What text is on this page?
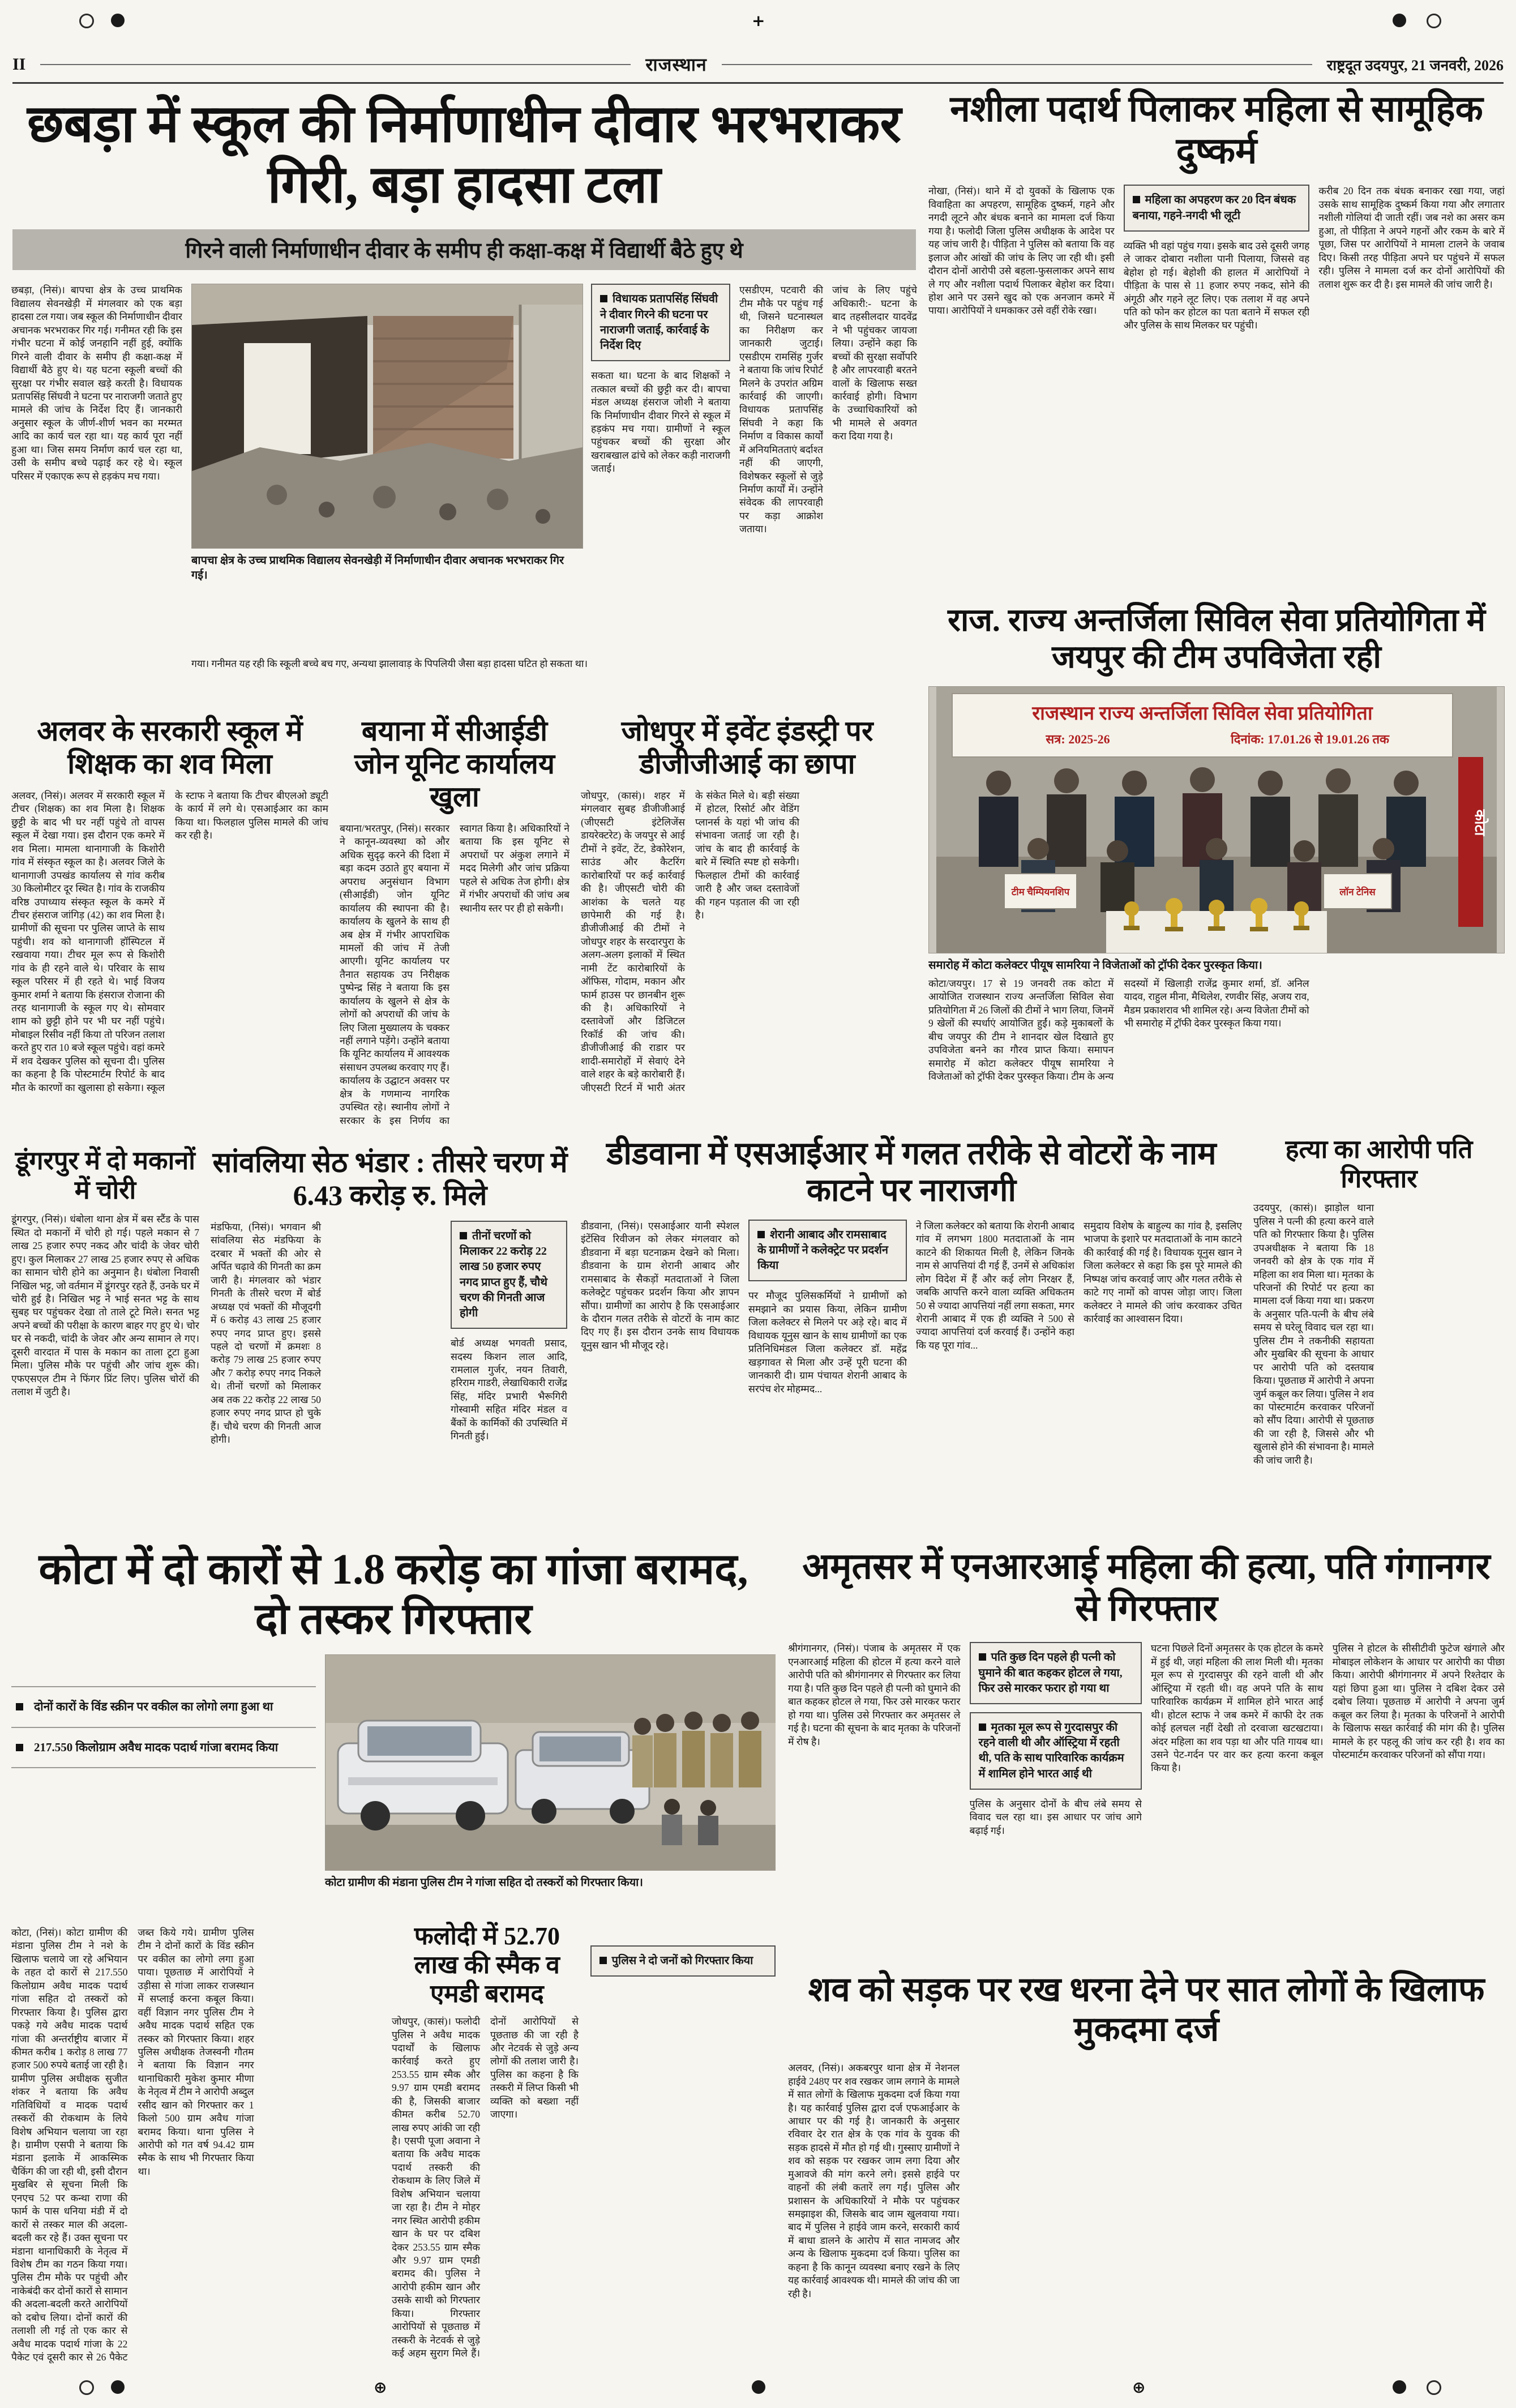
+
II	राजस्थान	राष्ट्रदूत उदयपुर, 21 जनवरी, 2026
छबड़ा में स्कूल की निर्माणाधीन दीवार भरभराकर गिरी, बड़ा हादसा टला
गिरने वाली निर्माणाधीन दीवार के समीप ही कक्षा-कक्ष में विद्यार्थी बैठे हुए थे
छबड़ा, (निसं)। बापचा क्षेत्र के उच्च प्राथमिक विद्यालय सेवनखेड़ी में मंगलवार को एक बड़ा हादसा टल गया। जब स्कूल की निर्माणाधीन दीवार अचानक भरभराकर गिर गई। गनीमत रही कि इस गंभीर घटना में कोई जनहानि नहीं हुई, क्योंकि गिरने वाली दीवार के समीप ही कक्षा-कक्ष में विद्यार्थी बैठे हुए थे। यह घटना स्कूली बच्चों की सुरक्षा पर गंभीर सवाल खड़े करती है। विधायक प्रतापसिंह सिंघवी ने घटना पर नाराजगी जताते हुए मामले की जांच के निर्देश दिए हैं। जानकारी अनुसार स्कूल के जीर्ण-शीर्ण भवन का मरम्मत आदि का कार्य चल रहा था। यह कार्य पूरा नहीं हुआ था। जिस समय निर्माण कार्य चल रहा था, उसी के समीप बच्चे पढ़ाई कर रहे थे। स्कूल परिसर में एकाएक रूप से हड़कंप मच गया।
बापचा क्षेत्र के उच्च प्राथमिक विद्यालय सेवनखेड़ी में निर्माणाधीन दीवार अचानक भरभराकर गिर गई।
विधायक प्रतापसिंह सिंघवी ने दीवार गिरने की घटना पर नाराजगी जताई, कार्रवाई के निर्देश दिए
सकता था। घटना के बाद शिक्षकों ने तत्काल बच्चों की छुट्टी कर दी। बापचा मंडल अध्यक्ष हंसराज जोशी ने बताया कि निर्माणाधीन दीवार गिरने से स्कूल में हड़कंप मच गया। ग्रामीणों ने स्कूल पहुंचकर बच्चों की सुरक्षा और खराबखाल ढांचे को लेकर कड़ी नाराजगी जताई।
एसडीएम, पटवारी की टीम मौके पर पहुंच गई थी, जिसने घटनास्थल का निरीक्षण कर जानकारी जुटाई। एसडीएम रामसिंह गुर्जर ने बताया कि जांच रिपोर्ट मिलने के उपरांत अग्रिम कार्रवाई की जाएगी। विधायक प्रतापसिंह सिंघवी ने कहा कि निर्माण व विकास कार्यों में अनियमितताएं बर्दाश्त नहीं की जाएगी, विशेषकर स्कूलों से जुड़े निर्माण कार्यों में। उन्होंने संवेदक की लापरवाही पर कड़ा आक्रोश जताया।
जांच के लिए पहुंचे अधिकारी:- घटना के बाद तहसीलदार यादवेंद्र ने भी पहुंचकर जायजा लिया। उन्होंने कहा कि बच्चों की सुरक्षा सर्वोपरि है और लापरवाही बरतने वालों के खिलाफ सख्त कार्रवाई होगी। विभाग के उच्चाधिकारियों को भी मामले से अवगत करा दिया गया है।
गया। गनीमत यह रही कि स्कूली बच्चे बच गए, अन्यथा झालावाड़ के पिपलियी जैसा बड़ा हादसा घटित हो सकता था।
नशीला पदार्थ पिलाकर महिला से सामूहिक दुष्कर्म
नोखा, (निसं)। थाने में दो युवकों के खिलाफ एक विवाहिता का अपहरण, सामूहिक दुष्कर्म, गहने और नगदी लूटने और बंधक बनाने का मामला दर्ज किया गया है। फलोदी जिला पुलिस अधीक्षक के आदेश पर यह जांच जारी है। पीड़िता ने पुलिस को बताया कि वह इलाज और आंखों की जांच के लिए जा रही थी। इसी दौरान दोनों आरोपी उसे बहला-फुसलाकर अपने साथ ले गए और नशीला पदार्थ पिलाकर बेहोश कर दिया। होश आने पर उसने खुद को एक अनजान कमरे में पाया। आरोपियों ने धमकाकर उसे वहीं रोके रखा।
महिला का अपहरण कर 20 दिन बंधक बनाया, गहने-नगदी भी लूटी
व्यक्ति भी वहां पहुंच गया। इसके बाद उसे दूसरी जगह ले जाकर दोबारा नशीला पानी पिलाया, जिससे वह बेहोश हो गई। बेहोशी की हालत में आरोपियों ने पीड़िता के पास से 11 हजार रुपए नकद, सोने की अंगूठी और गहने लूट लिए। एक तलाश में वह अपने पति को फोन कर होटल का पता बताने में सफल रही और पुलिस के साथ मिलकर घर पहुंची।
करीब 20 दिन तक बंधक बनाकर रखा गया, जहां उसके साथ सामूहिक दुष्कर्म किया गया और लगातार नशीली गोलियां दी जाती रहीं। जब नशे का असर कम हुआ, तो पीड़िता ने अपने गहनों और रकम के बारे में पूछा, जिस पर आरोपियों ने मामला टालने के जवाब दिए। किसी तरह पीड़िता अपने घर पहुंचने में सफल रही। पुलिस ने मामला दर्ज कर दोनों आरोपियों की तलाश शुरू कर दी है। इस मामले की जांच जारी है।
राज. राज्य अन्तर्जिला सिविल सेवा प्रतियोगिता में जयपुर की टीम उपविजेता रही
राजस्थान राज्य अन्तर्जिला सिविल सेवा प्रतियोगिता
सत्र: 2025-26	दिनांक: 17.01.26 से 19.01.26 तक
कोटा
टीम चैम्पियनशिप	लॉन टेनिस
समारोह में कोटा कलेक्टर पीयूष सामरिया ने विजेताओं को ट्रॉफी देकर पुरस्कृत किया।
कोटा/जयपुर। 17 से 19 जनवरी तक कोटा में आयोजित राजस्थान राज्य अन्तर्जिला सिविल सेवा प्रतियोगिता में 26 जिलों की टीमों ने भाग लिया, जिनमें 9 खेलों की स्पर्धाएं आयोजित हुईं। कड़े मुकाबलों के बीच जयपुर की टीम ने शानदार खेल दिखाते हुए उपविजेता बनने का गौरव प्राप्त किया। समापन समारोह में कोटा कलेक्टर पीयूष सामरिया ने विजेताओं को ट्रॉफी देकर पुरस्कृत किया। टीम के अन्य सदस्यों में खिलाड़ी राजेंद्र कुमार शर्मा, डॉ. अनिल यादव, राहुल मीना, मैथिलेश, रणवीर सिंह, अजय राव, मैडम प्रकाशराव भी शामिल रहे। अन्य विजेता टीमों को भी समारोह में ट्रॉफी देकर पुरस्कृत किया गया।
अलवर के सरकारी स्कूल में शिक्षक का शव मिला
अलवर, (निसं)। अलवर में सरकारी स्कूल में टीचर (शिक्षक) का शव मिला है। शिक्षक छुट्टी के बाद भी घर नहीं पहुंचे तो वापस स्कूल में देखा गया। इस दौरान एक कमरे में शव मिला। मामला थानागाजी के किशोरी गांव में संस्कृत स्कूल का है। अलवर जिले के थानागाजी उपखंड कार्यालय से गांव करीब 30 किलोमीटर दूर स्थित है। गांव के राजकीय वरिष्ठ उपाध्याय संस्कृत स्कूल के कमरे में टीचर हंसराज जांगिड़ (42) का शव मिला है। ग्रामीणों की सूचना पर पुलिस जाप्ते के साथ पहुंची। शव को थानागाजी हॉस्पिटल में रखवाया गया। टीचर मूल रूप से किशोरी गांव के ही रहने वाले थे। परिवार के साथ स्कूल परिसर में ही रहते थे। भाई विजय कुमार शर्मा ने बताया कि हंसराज रोजाना की तरह थानागाजी के स्कूल गए थे। सोमवार शाम को छुट्टी होने पर भी घर नहीं पहुंचे। मोबाइल रिसीव नहीं किया तो परिजन तलाश करते हुए रात 10 बजे स्कूल पहुंचे। वहां कमरे में शव देखकर पुलिस को सूचना दी। पुलिस का कहना है कि पोस्टमार्टम रिपोर्ट के बाद मौत के कारणों का खुलासा हो सकेगा। स्कूल के स्टाफ ने बताया कि टीचर बीएलओ ड्यूटी के कार्य में लगे थे। एसआईआर का काम किया था। फिलहाल पुलिस मामले की जांच कर रही है।
बयाना में सीआईडी जोन यूनिट कार्यालय खुला
बयाना/भरतपुर, (निसं)। सरकार ने कानून-व्यवस्था को और अधिक सुदृढ़ करने की दिशा में बड़ा कदम उठाते हुए बयाना में अपराध अनुसंधान विभाग (सीआईडी) जोन यूनिट कार्यालय की स्थापना की है। कार्यालय के खुलने के साथ ही अब क्षेत्र में गंभीर आपराधिक मामलों की जांच में तेजी आएगी। यूनिट कार्यालय पर तैनात सहायक उप निरीक्षक पुष्पेन्द्र सिंह ने बताया कि इस कार्यालय के खुलने से क्षेत्र के लोगों को अपराधों की जांच के लिए जिला मुख्यालय के चक्कर नहीं लगाने पड़ेंगे। उन्होंने बताया कि यूनिट कार्यालय में आवश्यक संसाधन उपलब्ध करवाए गए हैं। कार्यालय के उद्घाटन अवसर पर क्षेत्र के गणमान्य नागरिक उपस्थित रहे। स्थानीय लोगों ने सरकार के इस निर्णय का स्वागत किया है। अधिकारियों ने बताया कि इस यूनिट से अपराधों पर अंकुश लगाने में मदद मिलेगी और जांच प्रक्रिया पहले से अधिक तेज होगी। क्षेत्र में गंभीर अपराधों की जांच अब स्थानीय स्तर पर ही हो सकेगी।
जोधपुर में इवेंट इंडस्ट्री पर डीजीजीआई का छापा
जोधपुर, (कासं)। शहर में मंगलवार सुबह डीजीजीआई (जीएसटी इंटेलिजेंस डायरेक्टरेट) के जयपुर से आई टीमों ने इवेंट, टेंट, डेकोरेशन, साउंड और कैटरिंग कारोबारियों पर कई कार्रवाई की है। जीएसटी चोरी की आशंका के चलते यह छापेमारी की गई है। डीजीजीआई की टीमों ने जोधपुर शहर के सरदारपुरा के अलग-अलग इलाकों में स्थित नामी टेंट कारोबारियों के ऑफिस, गोदाम, मकान और फार्म हाउस पर छानबीन शुरू की है। अधिकारियों ने दस्तावेजों और डिजिटल रिकॉर्ड की जांच की। डीजीजीआई की राडार पर शादी-समारोहों में सेवाएं देने वाले शहर के बड़े कारोबारी हैं। जीएसटी रिटर्न में भारी अंतर के संकेत मिले थे। बड़ी संख्या में होटल, रिसोर्ट और वेडिंग प्लानर्स के यहां भी जांच की संभावना जताई जा रही है। जांच के बाद ही कार्रवाई के बारे में स्थिति स्पष्ट हो सकेगी। फिलहाल टीमों की कार्रवाई जारी है और जब्त दस्तावेजों की गहन पड़ताल की जा रही है।
डीडवाना में एसआईआर में गलत तरीके से वोटरों के नाम काटने पर नाराजगी
डीडवाना, (निसं)। एसआईआर यानी स्पेशल इंटेंसिव रिवीजन को लेकर मंगलवार को डीडवाना में बड़ा घटनाक्रम देखने को मिला। डीडवाना के ग्राम शेरानी आबाद और रामसाबाद के सैकड़ों मतदाताओं ने जिला कलेक्ट्रेट पहुंचकर प्रदर्शन किया और ज्ञापन सौंपा। ग्रामीणों का आरोप है कि एसआईआर के दौरान गलत तरीके से वोटरों के नाम काट दिए गए हैं। इस दौरान उनके साथ विधायक यूनुस खान भी मौजूद रहे।
शेरानी आबाद और रामसाबाद के ग्रामीणों ने कलेक्ट्रेट पर प्रदर्शन किया
पर मौजूद पुलिसकर्मियों ने ग्रामीणों को समझाने का प्रयास किया, लेकिन ग्रामीण जिला कलेक्टर से मिलने पर अड़े रहे। बाद में विधायक यूनुस खान के साथ ग्रामीणों का एक प्रतिनिधिमंडल जिला कलेक्टर डॉ. महेंद्र खड़गावत से मिला और उन्हें पूरी घटना की जानकारी दी। ग्राम पंचायत शेरानी आबाद के सरपंच शेर मोहम्मद...
ने जिला कलेक्टर को बताया कि शेरानी आबाद गांव में लगभग 1800 मतदाताओं के नाम काटने की शिकायत मिली है, लेकिन जिनके नाम से आपत्तियां दी गई हैं, उनमें से अधिकांश लोग विदेश में हैं और कई लोग निरक्षर हैं, जबकि आपत्ति करने वाला व्यक्ति अधिकतम 50 से ज्यादा आपत्तियां नहीं लगा सकता, मगर शेरानी आबाद में एक ही व्यक्ति ने 500 से ज्यादा आपत्तियां दर्ज करवाई हैं। उन्होंने कहा कि यह पूरा गांव...
समुदाय विशेष के बाहुल्य का गांव है, इसलिए भाजपा के इशारे पर मतदाताओं के नाम काटने की कार्रवाई की गई है। विधायक यूनुस खान ने जिला कलेक्टर से कहा कि इस पूरे मामले की निष्पक्ष जांच करवाई जाए और गलत तरीके से काटे गए नामों को वापस जोड़ा जाए। जिला कलेक्टर ने मामले की जांच करवाकर उचित कार्रवाई का आश्वासन दिया।
हत्या का आरोपी पति गिरफ्तार
उदयपुर, (कासं)। झाड़ोल थाना पुलिस ने पत्नी की हत्या करने वाले पति को गिरफ्तार किया है। पुलिस उपअधीक्षक ने बताया कि 18 जनवरी को क्षेत्र के एक गांव में महिला का शव मिला था। मृतका के परिजनों की रिपोर्ट पर हत्या का मामला दर्ज किया गया था। प्रकरण के अनुसार पति-पत्नी के बीच लंबे समय से घरेलू विवाद चल रहा था। पुलिस टीम ने तकनीकी सहायता और मुखबिर की सूचना के आधार पर आरोपी पति को दस्तयाब किया। पूछताछ में आरोपी ने अपना जुर्म कबूल कर लिया। पुलिस ने शव का पोस्टमार्टम करवाकर परिजनों को सौंप दिया। आरोपी से पूछताछ की जा रही है, जिससे और भी खुलासे होने की संभावना है। मामले की जांच जारी है।
डूंगरपुर में दो मकानों में चोरी
डूंगरपुर, (निसं)। धंबोला थाना क्षेत्र में बस स्टैंड के पास स्थित दो मकानों में चोरी हो गई। पहले मकान से 7 लाख 25 हजार रुपए नकद और चांदी के जेवर चोरी हुए। कुल मिलाकर 27 लाख 25 हजार रुपए से अधिक का सामान चोरी होने का अनुमान है। धंबोला निवासी निखिल भट्ट, जो वर्तमान में डूंगरपुर रहते हैं, उनके घर में चोरी हुई है। निखिल भट्ट ने भाई सनत भट्ट के साथ सुबह घर पहुंचकर देखा तो ताले टूटे मिले। सनत भट्ट अपने बच्चों की परीक्षा के कारण बाहर गए हुए थे। चोर घर से नकदी, चांदी के जेवर और अन्य सामान ले गए। दूसरी वारदात में पास के मकान का ताला टूटा हुआ मिला। पुलिस मौके पर पहुंची और जांच शुरू की। एफएसएल टीम ने फिंगर प्रिंट लिए। पुलिस चोरों की तलाश में जुटी है।
सांवलिया सेठ भंडार : तीसरे चरण में 6.43 करोड़ रु. मिले
मंडफिया, (निसं)। भगवान श्री सांवलिया सेठ मंडफिया के दरबार में भक्तों की ओर से अर्पित चढ़ावे की गिनती का क्रम जारी है। मंगलवार को भंडार गिनती के तीसरे चरण में बोर्ड अध्यक्ष एवं भक्तों की मौजूदगी में 6 करोड़ 43 लाख 25 हजार रुपए नगद प्राप्त हुए। इससे पहले दो चरणों में क्रमशः 8 करोड़ 79 लाख 25 हजार रुपए और 7 करोड़ रुपए नगद निकले थे। तीनों चरणों को मिलाकर अब तक 22 करोड़ 22 लाख 50 हजार रुपए नगद प्राप्त हो चुके हैं। चौथे चरण की गिनती आज होगी।
तीनों चरणों को मिलाकर 22 करोड़ 22 लाख 50 हजार रुपए नगद प्राप्त हुए हैं, चौथे चरण की गिनती आज होगी
बोर्ड अध्यक्ष भगवती प्रसाद, सदस्य किशन लाल आदि, रामलाल गुर्जर, नयन तिवारी, हरिराम गाडरी, लेखाधिकारी राजेंद्र सिंह, मंदिर प्रभारी भैरूगिरी गोस्वामी सहित मंदिर मंडल व बैंकों के कार्मिकों की उपस्थिति में गिनती हुई।
कोटा में दो कारों से 1.8 करोड़ का गांजा बरामद, दो तस्कर गिरफ्तार
दोनों कारों के विंड स्क्रीन पर वकील का लोगो लगा हुआ था
217.550 किलोग्राम अवैध मादक पदार्थ गांजा बरामद किया
कोटा ग्रामीण की मंडाना पुलिस टीम ने गांजा सहित दो तस्करों को गिरफ्तार किया।
कोटा, (निसं)। कोटा ग्रामीण की मंडाना पुलिस टीम ने नशे के खिलाफ चलाये जा रहे अभियान के तहत दो कारों से 217.550 किलोग्राम अवैध मादक पदार्थ गांजा सहित दो तस्करों को गिरफ्तार किया है। पुलिस द्वारा पकड़े गये अवैध मादक पदार्थ गांजा की अन्तर्राष्ट्रीय बाजार में कीमत करीब 1 करोड़ 8 लाख 77 हजार 500 रुपये बताई जा रही है। ग्रामीण पुलिस अधीक्षक सुजीत शंकर ने बताया कि अवैध गतिविधियों व मादक पदार्थ तस्करों की रोकथाम के लिये विशेष अभियान चलाया जा रहा है। ग्रामीण एसपी ने बताया कि मंडाना इलाके में आकस्मिक चैकिंग की जा रही थी, इसी दौरान मुखबिर से सूचना मिली कि एनएच 52 पर कन्था राणा की फार्म के पास धनिया मंडी में दो कारों से तस्कर माल की अदला-बदली कर रहे हैं। उक्त सूचना पर मंडाना थानाधिकारी के नेतृत्व में विशेष टीम का गठन किया गया। पुलिस टीम मौके पर पहुंची और नाकेबंदी कर दोनों कारों से सामान की अदला-बदली करते आरोपियों को दबोच लिया। दोनों कारों की तलाशी ली गई तो एक कार से अवैध मादक पदार्थ गांजा के 22 पैकेट एवं दूसरी कार से 26 पैकेट जब्त किये गये। ग्रामीण पुलिस टीम ने दोनों कारों के विंड स्क्रीन पर वकील का लोगो लगा हुआ पाया। पूछताछ में आरोपियों ने उड़ीसा से गांजा लाकर राजस्थान में सप्लाई करना कबूल किया। वहीं विज्ञान नगर पुलिस टीम ने अवैध मादक पदार्थ सहित एक तस्कर को गिरफ्तार किया। शहर पुलिस अधीक्षक तेजस्वनी गौतम ने बताया कि विज्ञान नगर थानाधिकारी मुकेश कुमार मीणा के नेतृत्व में टीम ने आरोपी अब्दुल रसीद खान को गिरफ्तार कर 1 किलो 500 ग्राम अवैध गांजा बरामद किया। थाना पुलिस ने आरोपी को गत वर्ष 94.42 ग्राम स्मैक के साथ भी गिरफ्तार किया था।
फलोदी में 52.70 लाख की स्मैक व एमडी बरामद
पुलिस ने दो जनों को गिरफ्तार किया
जोधपुर, (कासं)। फलोदी पुलिस ने अवैध मादक पदार्थों के खिलाफ कार्रवाई करते हुए 253.55 ग्राम स्मैक और 9.97 ग्राम एमडी बरामद की है, जिसकी बाजार कीमत करीब 52.70 लाख रुपए आंकी जा रही है। एसपी पूजा अवाना ने बताया कि अवैध मादक पदार्थ तस्करी की रोकथाम के लिए जिले में विशेष अभियान चलाया जा रहा है। टीम ने मोहर नगर स्थित आरोपी हकीम खान के घर पर दबिश देकर 253.55 ग्राम स्मैक और 9.97 ग्राम एमडी बरामद की। पुलिस ने आरोपी हकीम खान और उसके साथी को गिरफ्तार किया। गिरफ्तार आरोपियों से पूछताछ में तस्करी के नेटवर्क से जुड़े कई अहम सुराग मिले हैं। दोनों आरोपियों से पूछताछ की जा रही है और नेटवर्क से जुड़े अन्य लोगों की तलाश जारी है। पुलिस का कहना है कि तस्करी में लिप्त किसी भी व्यक्ति को बख्शा नहीं जाएगा।
अमृतसर में एनआरआई महिला की हत्या, पति गंगानगर से गिरफ्तार
श्रीगंगानगर, (निसं)। पंजाब के अमृतसर में एक एनआरआई महिला की होटल में हत्या करने वाले आरोपी पति को श्रीगंगानगर से गिरफ्तार कर लिया गया है। पति कुछ दिन पहले ही पत्नी को घुमाने की बात कहकर होटल ले गया, फिर उसे मारकर फरार हो गया था। पुलिस उसे गिरफ्तार कर अमृतसर ले गई है। घटना की सूचना के बाद मृतका के परिजनों में रोष है।
पति कुछ दिन पहले ही पत्नी को घुमाने की बात कहकर होटल ले गया, फिर उसे मारकर फरार हो गया था
मृतका मूल रूप से गुरदासपुर की रहने वाली थी और ऑस्ट्रिया में रहती थी, पति के साथ पारिवारिक कार्यक्रम में शामिल होने भारत आई थी
पुलिस के अनुसार दोनों के बीच लंबे समय से विवाद चल रहा था। इस आधार पर जांच आगे बढ़ाई गई।
घटना पिछले दिनों अमृतसर के एक होटल के कमरे में हुई थी, जहां महिला की लाश मिली थी। मृतका मूल रूप से गुरदासपुर की रहने वाली थी और ऑस्ट्रिया में रहती थी। वह अपने पति के साथ पारिवारिक कार्यक्रम में शामिल होने भारत आई थी। होटल स्टाफ ने जब कमरे में काफी देर तक कोई हलचल नहीं देखी तो दरवाजा खटखटाया। अंदर महिला का शव पड़ा था और पति गायब था। उसने पेट-गर्दन पर वार कर हत्या करना कबूल किया है।
पुलिस ने होटल के सीसीटीवी फुटेज खंगाले और मोबाइल लोकेशन के आधार पर आरोपी का पीछा किया। आरोपी श्रीगंगानगर में अपने रिश्तेदार के यहां छिपा हुआ था। पुलिस ने दबिश देकर उसे दबोच लिया। पूछताछ में आरोपी ने अपना जुर्म कबूल कर लिया है। मृतका के परिजनों ने आरोपी के खिलाफ सख्त कार्रवाई की मांग की है। पुलिस मामले के हर पहलू की जांच कर रही है। शव का पोस्टमार्टम करवाकर परिजनों को सौंपा गया।
शव को सड़क पर रख धरना देने पर सात लोगों के खिलाफ मुकदमा दर्ज
अलवर, (निसं)। अकबरपुर थाना क्षेत्र में नेशनल हाईवे 248ए पर शव रखकर जाम लगाने के मामले में सात लोगों के खिलाफ मुकदमा दर्ज किया गया है। यह कार्रवाई पुलिस द्वारा दर्ज एफआईआर के आधार पर की गई है। जानकारी के अनुसार रविवार देर रात क्षेत्र के एक गांव के युवक की सड़क हादसे में मौत हो गई थी। गुस्साए ग्रामीणों ने शव को सड़क पर रखकर जाम लगा दिया और मुआवजे की मांग करने लगे। इससे हाईवे पर वाहनों की लंबी कतारें लग गईं। पुलिस और प्रशासन के अधिकारियों ने मौके पर पहुंचकर समझाइश की, जिसके बाद जाम खुलवाया गया। बाद में पुलिस ने हाईवे जाम करने, सरकारी कार्य में बाधा डालने के आरोप में सात नामजद और अन्य के खिलाफ मुकदमा दर्ज किया। पुलिस का कहना है कि कानून व्यवस्था बनाए रखने के लिए यह कार्रवाई आवश्यक थी। मामले की जांच की जा रही है।
⊕	⊕
